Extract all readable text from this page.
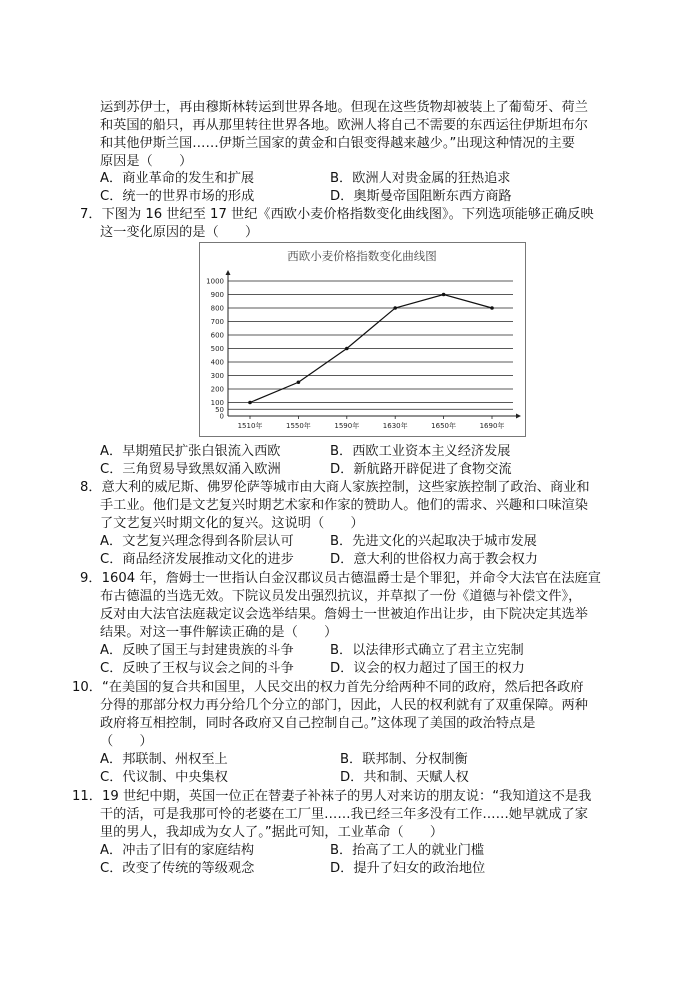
运到苏伊士，再由穆斯林转运到世界各地。但现在这些货物却被装上了葡萄牙、荷兰
和英国的船只，再从那里转往世界各地。欧洲人将自己不需要的东西运往伊斯坦布尔
和其他伊斯兰国……伊斯兰国家的黄金和白银变得越来越少。”出现这种情况的主要
原因是（　　）
A．商业革命的发生和扩展	B．欧洲人对贵金属的狂热追求
C．统一的世界市场的形成	D．奥斯曼帝国阻断东西方商路
7．下图为 16 世纪至 17 世纪《西欧小麦价格指数变化曲线图》。下列选项能够正确反映
这一变化原因的是（　　）
西欧小麦价格指数变化曲线图
0
50
100
200
300
400
500
600
700
800
900
1000
1510年	1550年	1590年	1630年	1650年	1690年
A．早期殖民扩张白银流入西欧	B．西欧工业资本主义经济发展
C．三角贸易导致黑奴涌入欧洲	D．新航路开辟促进了食物交流
8．意大利的威尼斯、佛罗伦萨等城市由大商人家族控制，这些家族控制了政治、商业和
手工业。他们是文艺复兴时期艺术家和作家的赞助人。他们的需求、兴趣和口味渲染
了文艺复兴时期文化的复兴。这说明（　　）
A．文艺复兴理念得到各阶层认可	B．先进文化的兴起取决于城市发展
C．商品经济发展推动文化的进步	D．意大利的世俗权力高于教会权力
9．1604 年，詹姆士一世指认白金汉郡议员古德温爵士是个罪犯，并命令大法官在法庭宣
布古德温的当选无效。下院议员发出强烈抗议，并草拟了一份《道德与补偿文件》，
反对由大法官法庭裁定议会选举结果。詹姆士一世被迫作出让步，由下院决定其选举
结果。对这一事件解读正确的是（　　）
A．反映了国王与封建贵族的斗争	B．以法律形式确立了君主立宪制
C．反映了王权与议会之间的斗争	D．议会的权力超过了国王的权力
10．“在美国的复合共和国里，人民交出的权力首先分给两种不同的政府，然后把各政府
分得的那部分权力再分给几个分立的部门，因此，人民的权利就有了双重保障。两种
政府将互相控制，同时各政府又自己控制自己。”这体现了美国的政治特点是
（　　）
A．邦联制、州权至上	B．联邦制、分权制衡
C．代议制、中央集权	D．共和制、天赋人权
11．19 世纪中期，英国一位正在替妻子补袜子的男人对来访的朋友说：“我知道这不是我
干的活，可是我那可怜的老婆在工厂里……我已经三年多没有工作……她早就成了家
里的男人，我却成为女人了。”据此可知，工业革命（　　）
A．冲击了旧有的家庭结构	B．抬高了工人的就业门槛
C．改变了传统的等级观念	D．提升了妇女的政治地位
